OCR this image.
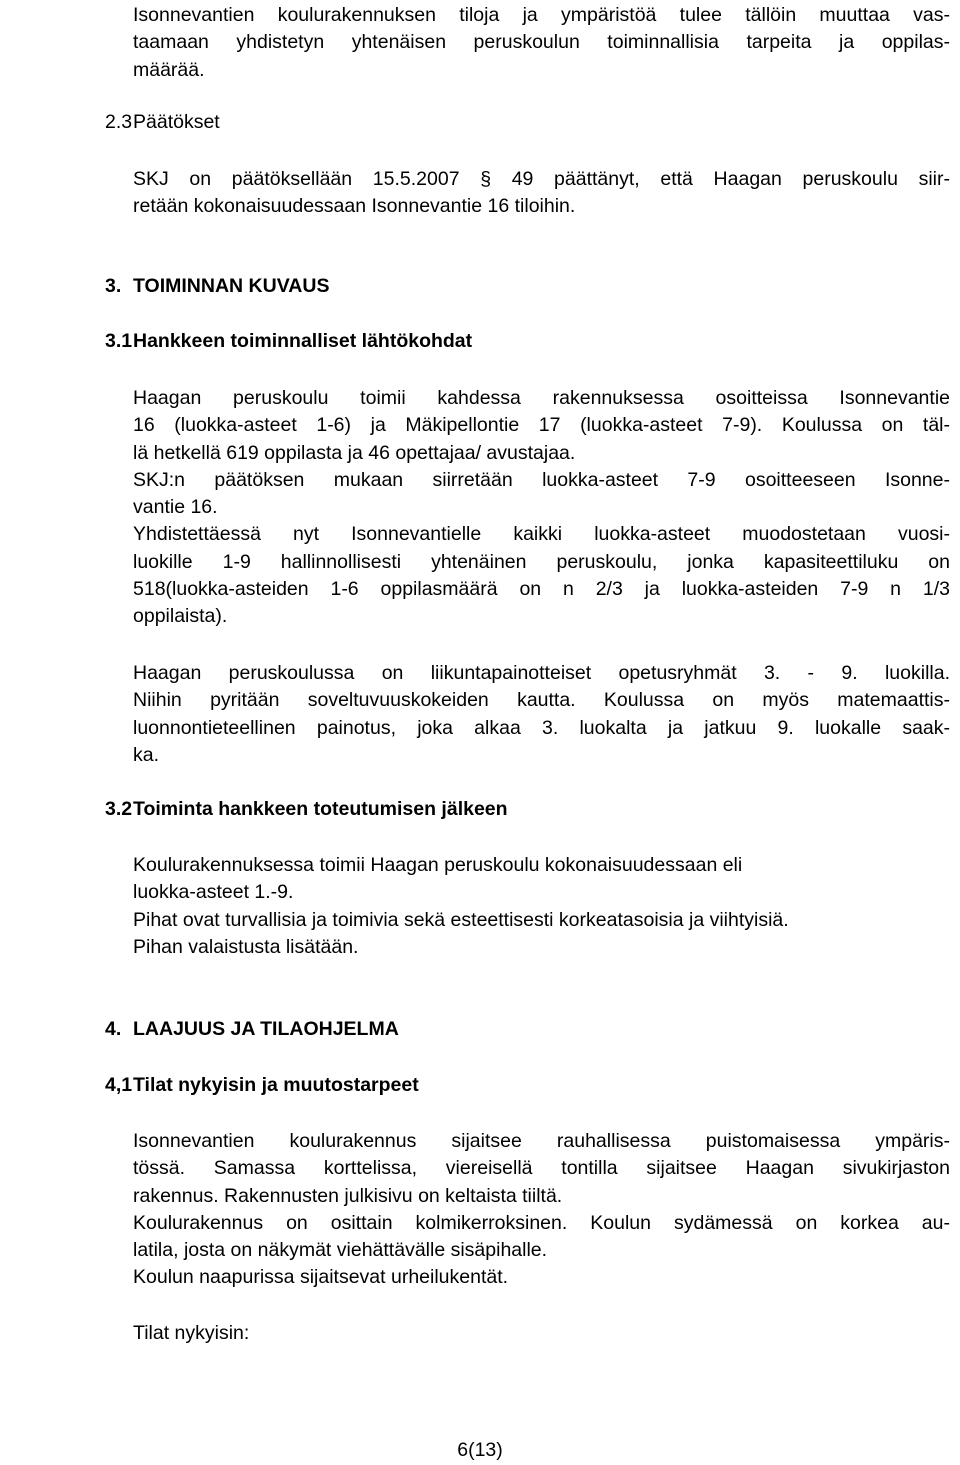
Isonnevantien koulurakennuksen tiloja ja ympäristöä tulee tällöin muuttaa vas-
taamaan yhdistetyn yhtenäisen peruskoulun toiminnallisia tarpeita ja oppilas-
määrää.
2.3 Päätökset
SKJ on päätöksellään 15.5.2007 § 49 päättänyt, että Haagan peruskoulu siir-
retään kokonaisuudessaan Isonnevantie 16 tiloihin.
3. TOIMINNAN KUVAUS
3.1 Hankkeen toiminnalliset lähtökohdat
Haagan peruskoulu toimii kahdessa rakennuksessa osoitteissa Isonnevantie
16 (luokka-asteet 1-6) ja Mäkipellontie 17 (luokka-asteet 7-9). Koulussa on täl-
lä hetkellä 619 oppilasta ja 46 opettajaa/ avustajaa.
SKJ:n päätöksen mukaan siirretään luokka-asteet 7-9 osoitteeseen Isonne-
vantie 16.
Yhdistettäessä nyt Isonnevantielle kaikki luokka-asteet muodostetaan vuosi-
luokille 1-9 hallinnollisesti yhtenäinen peruskoulu, jonka kapasiteettiluku on
518(luokka-asteiden 1-6 oppilasmäärä on n 2/3 ja luokka-asteiden 7-9 n 1/3
oppilaista).
Haagan peruskoulussa on liikuntapainotteiset opetusryhmät 3. - 9. luokilla.
Niihin pyritään soveltuvuuskokeiden kautta. Koulussa on myös matemaattis-
luonnontieteellinen painotus, joka alkaa 3. luokalta ja jatkuu 9. luokalle saak-
ka.
3.2 Toiminta hankkeen toteutumisen jälkeen
Koulurakennuksessa toimii Haagan peruskoulu kokonaisuudessaan eli
luokka-asteet 1.-9.
Pihat ovat turvallisia ja toimivia sekä esteettisesti korkeatasoisia ja viihtyisiä.
Pihan valaistusta lisätään.
4. LAAJUUS JA TILAOHJELMA
4,1 Tilat nykyisin ja muutostarpeet
Isonnevantien koulurakennus sijaitsee rauhallisessa puistomaisessa ympäris-
tössä. Samassa korttelissa, viereisellä tontilla sijaitsee Haagan sivukirjaston
rakennus. Rakennusten julkisivu on keltaista tiiltä.
Koulurakennus on osittain kolmikerroksinen. Koulun sydämessä on korkea au-
latila, josta on näkymät viehättävälle sisäpihalle.
Koulun naapurissa sijaitsevat urheilukentät.
Tilat nykyisin:
6(13)
